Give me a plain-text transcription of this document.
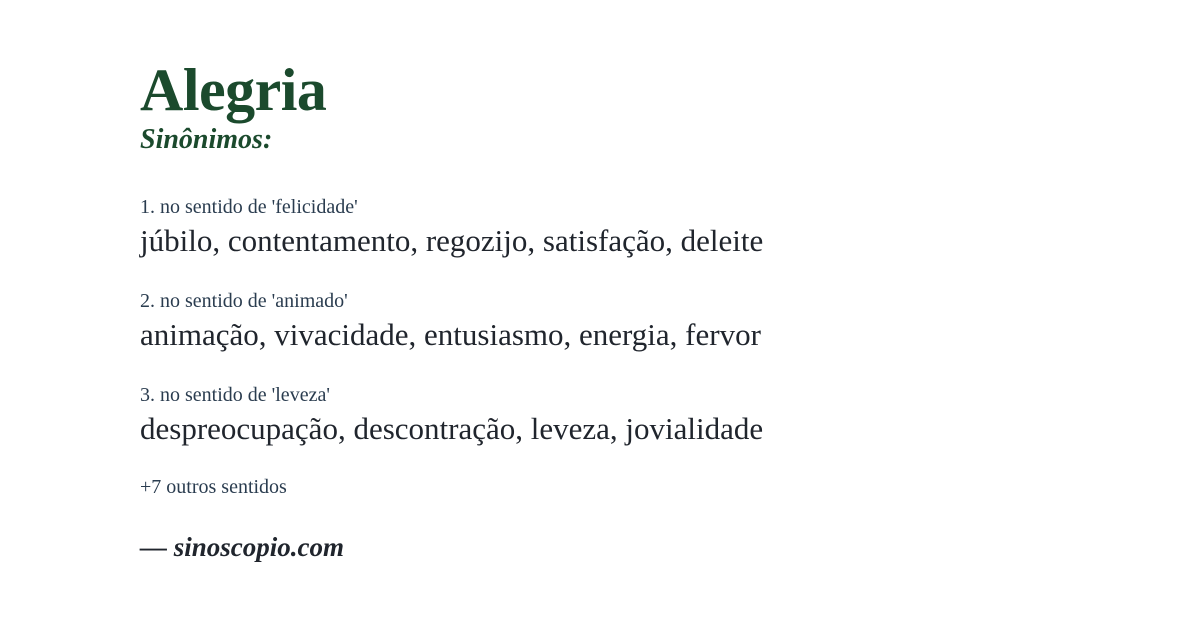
Alegria
Sinônimos:
1. no sentido de 'felicidade'
júbilo, contentamento, regozijo, satisfação, deleite
2. no sentido de 'animado'
animação, vivacidade, entusiasmo, energia, fervor
3. no sentido de 'leveza'
despreocupação, descontração, leveza, jovialidade
+7 outros sentidos
— sinoscopio.com
